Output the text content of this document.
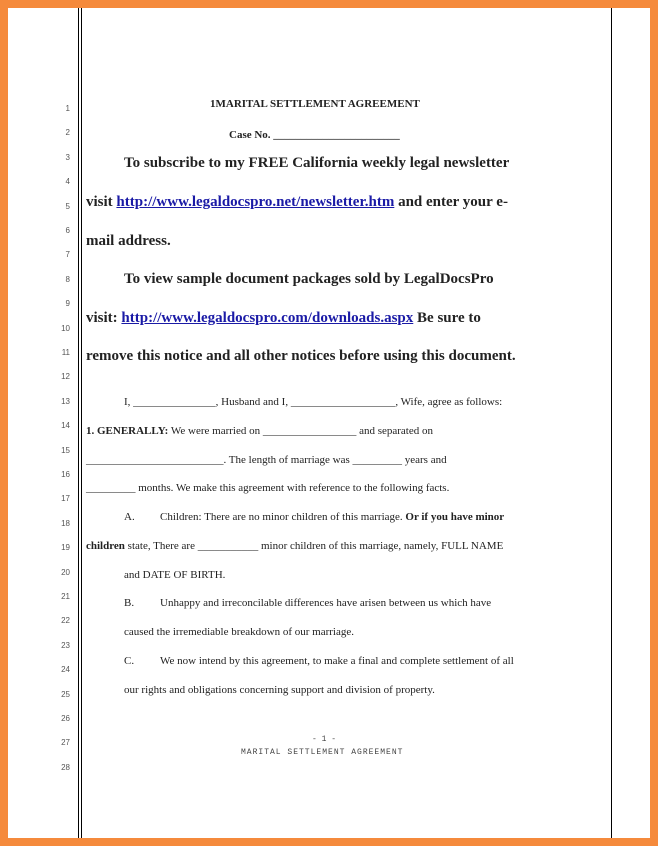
1
2
3
4
5
6
7
8
9
10
11
12
13
14
15
16
17
18
19
20
21
22
23
24
25
26
27
28
1MARITAL SETTLEMENT AGREEMENT
Case No. _______________________
To subscribe to my FREE California weekly legal newsletter
visit http://www.legaldocspro.net/newsletter.htm and enter your e-
mail address.
To view sample document packages sold by LegalDocsPro
visit: http://www.legaldocspro.com/downloads.aspx Be sure to
remove this notice and all other notices before using this document.
I, _______________, Husband and I, ___________________, Wife, agree as follows:
1. GENERALLY: We were married on _________________ and separated on
_________________________. The length of marriage was _________ years and
_________ months. We make this agreement with reference to the following facts.
A. Children: There are no minor children of this marriage. Or if you have minor
children state, There are ___________ minor children of this marriage, namely, FULL NAME
and DATE OF BIRTH.
B. Unhappy and irreconcilable differences have arisen between us which have
caused the irremediable breakdown of our marriage.
C. We now intend by this agreement, to make a final and complete settlement of all
our rights and obligations concerning support and division of property.
- 1 -
MARITAL SETTLEMENT AGREEMENT
